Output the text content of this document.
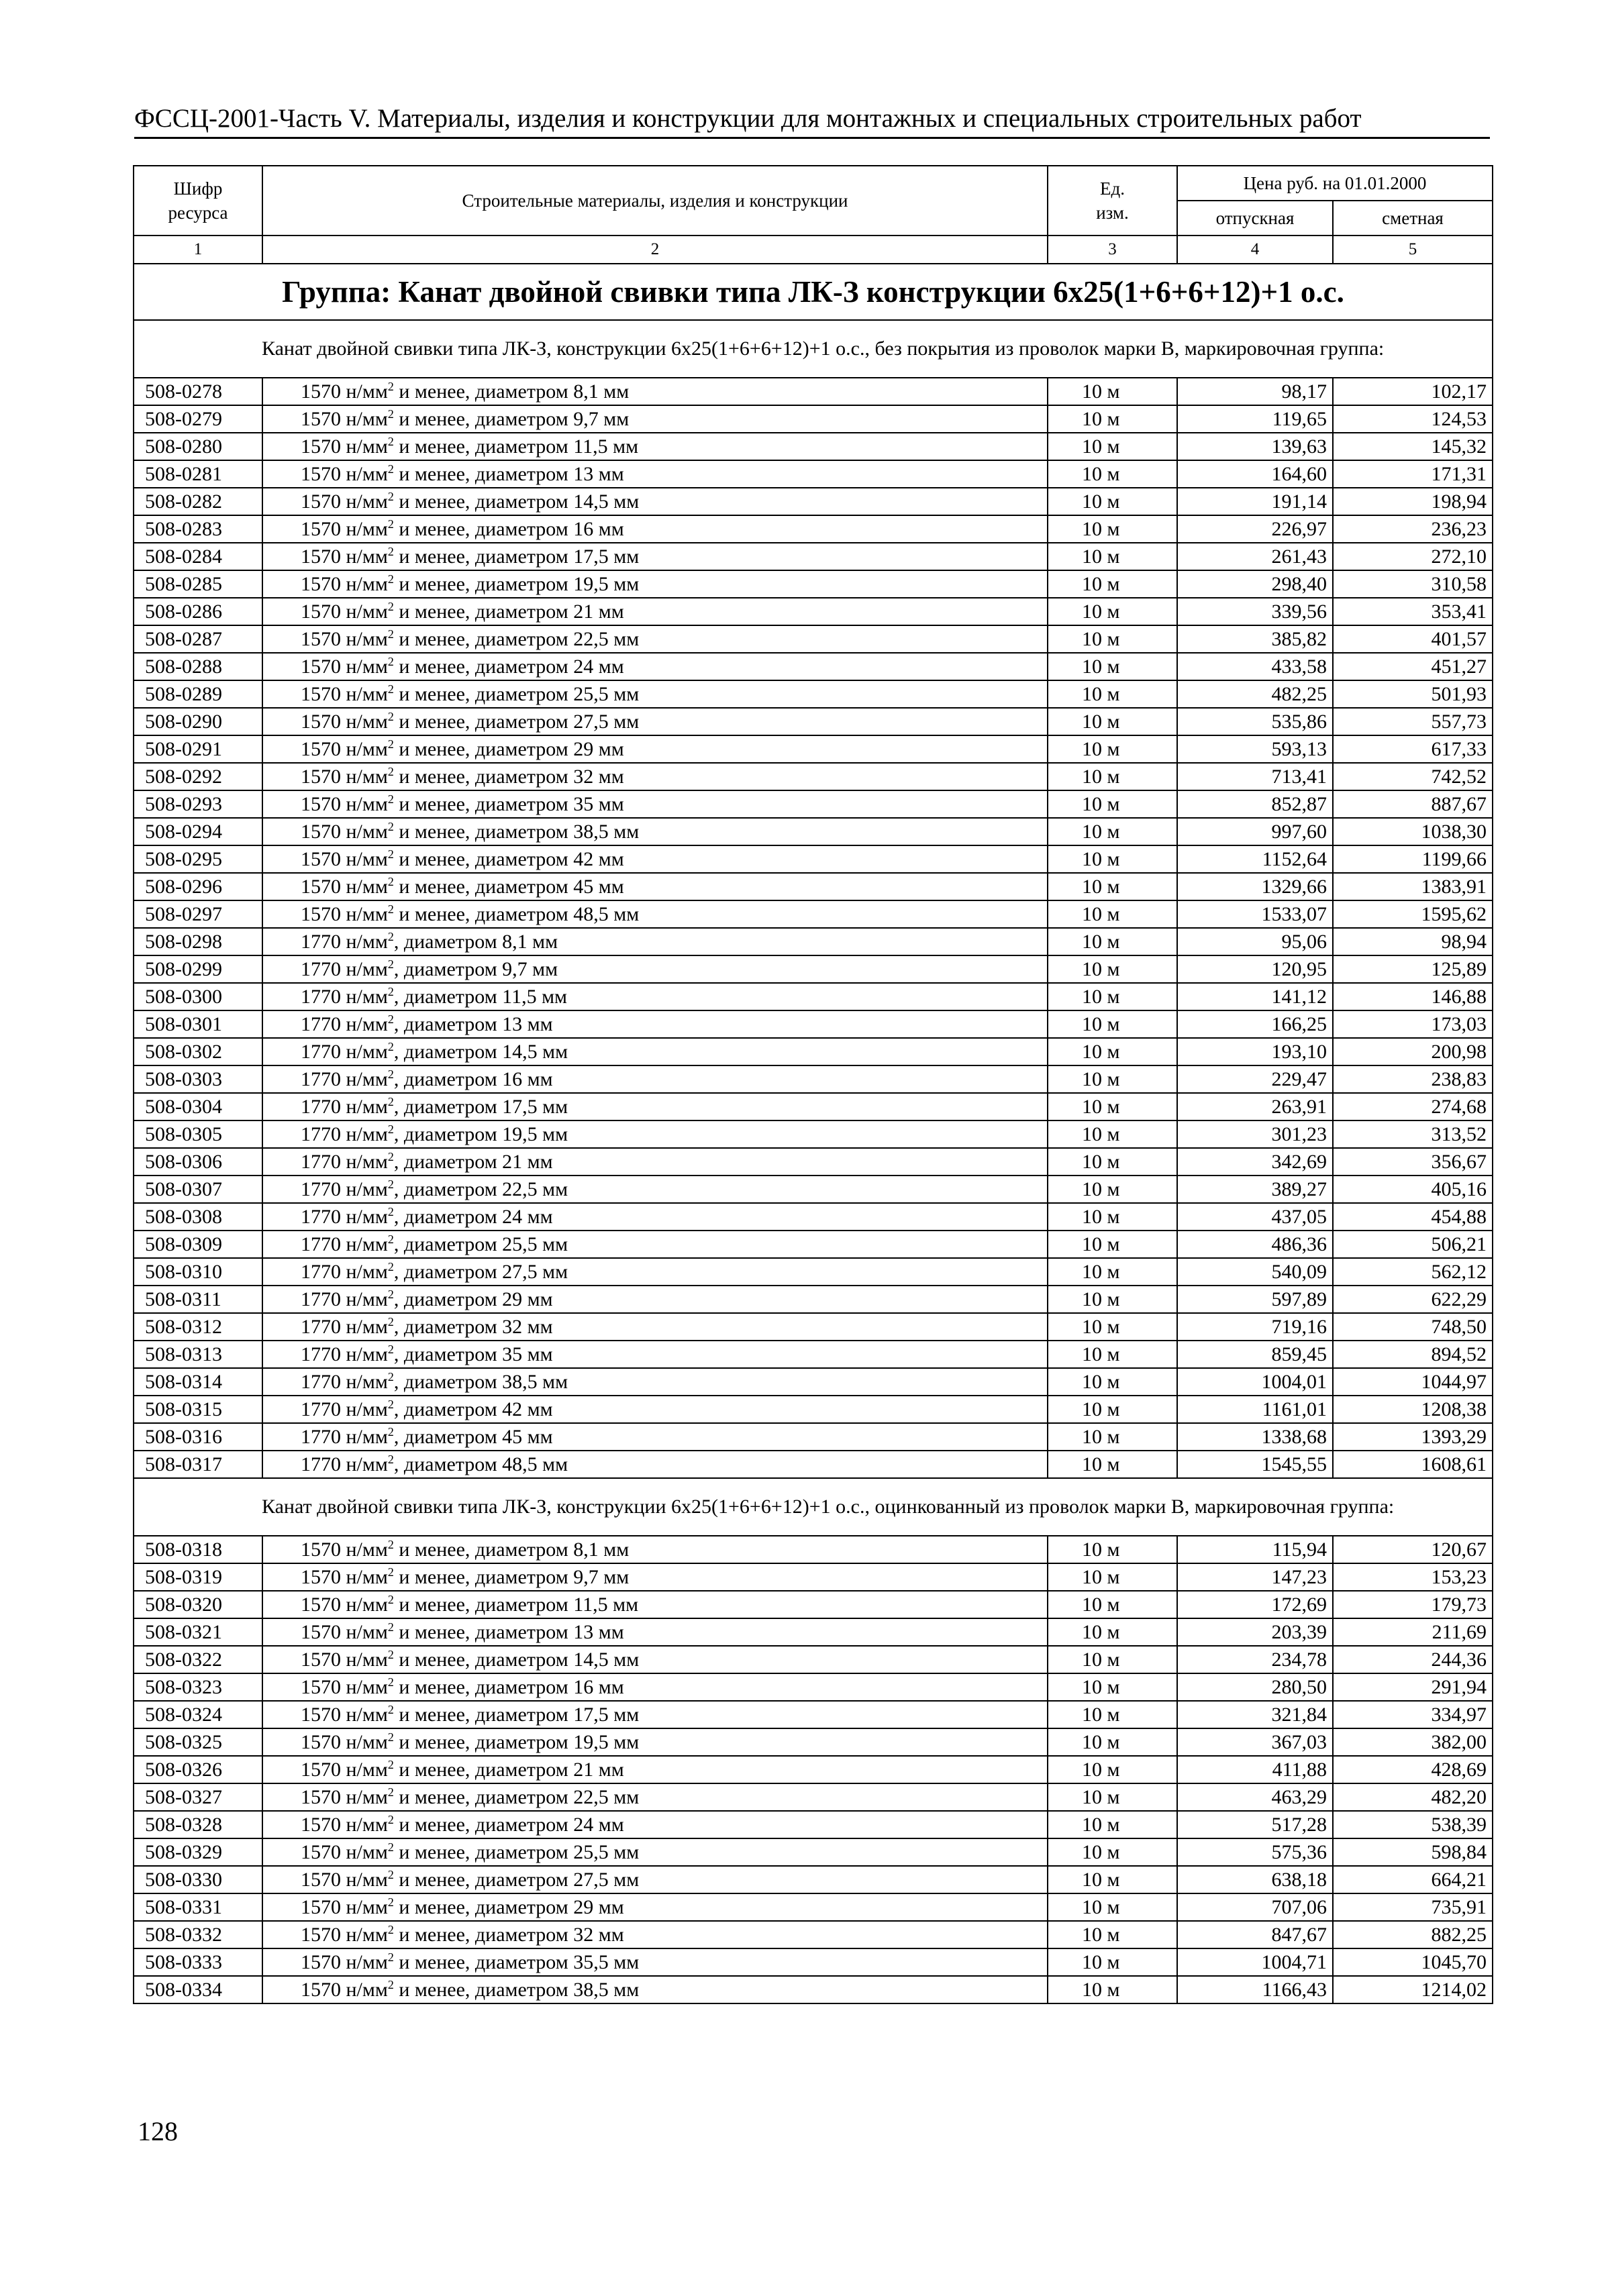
ФССЦ-2001-Часть V. Материалы, изделия и конструкции для монтажных и специальных строительных работ
Шифр ресурса	Строительные материалы, изделия и конструкции	Ед. изм.	Цена руб. на 01.01.2000	
			отпускная	сметная
1	2	3	4	5
Группа: Канат двойной свивки типа ЛК-З конструкции 6х25(1+6+6+12)+1 о.с.				

Канат двойной свивки типа ЛК-З, конструкции 6х25(1+6+6+12)+1 о.с., без покрытия из проволок марки В, маркировочная группа:				

508-0278	1570 $н/мм^2$ и менее, диаметром 8,1 мм	10 м	98,17	102,17
508-0279	1570 $н/мм^2$ и менее, диаметром 9,7 мм	10 м	119,65	124,53
508-0280	1570 $н/мм^2$ и менее, диаметром 11,5 мм	10 м	139,63	145,32
508-0281	1570 $н/мм^2$ и менее, диаметром 13 мм	10 м	164,60	171,31
508-0282	1570 $н/мм^2$ и менее, диаметром 14,5 мм	10 м	191,14	198,94
508-0283	1570 $н/мм^2$ и менее, диаметром 16 мм	10 м	226,97	236,23
508-0284	1570 $н/мм^2$ и менее, диаметром 17,5 мм	10 м	261,43	272,10
508-0285	1570 $н/мм^2$ и менее, диаметром 19,5 мм	10 м	298,40	310,58
508-0286	1570 $н/мм^2$ и менее, диаметром 21 мм	10 м	339,56	353,41
508-0287	1570 $н/мм^2$ и менее, диаметром 22,5 мм	10 м	385,82	401,57
508-0288	1570 $н/мм^2$ и менее, диаметром 24 мм	10 м	433,58	451,27
508-0289	1570 $н/мм^2$ и менее, диаметром 25,5 мм	10 м	482,25	501,93
508-0290	1570 $н/мм^2$ и менее, диаметром 27,5 мм	10 м	535,86	557,73
508-0291	1570 $н/мм^2$ и менее, диаметром 29 мм	10 м	593,13	617,33
508-0292	1570 $н/мм^2$ и менее, диаметром 32 мм	10 м	713,41	742,52
508-0293	1570 $н/мм^2$ и менее, диаметром 35 мм	10 м	852,87	887,67
508-0294	1570 $н/мм^2$ и менее, диаметром 38,5 мм	10 м	997,60	1038,30
508-0295	1570 $н/мм^2$ и менее, диаметром 42 мм	10 м	1152,64	1199,66
508-0296	1570 $н/мм^2$ и менее, диаметром 45 мм	10 м	1329,66	1383,91
508-0297	1570 $н/мм^2$ и менее, диаметром 48,5 мм	10 м	1533,07	1595,62
508-0298	1770 $н/мм^2$, диаметром 8,1 мм	10 м	95,06	98,94
508-0299	1770 $н/мм^2$, диаметром 9,7 мм	10 м	120,95	125,89
508-0300	1770 $н/мм^2$, диаметром 11,5 мм	10 м	141,12	146,88
508-0301	1770 $н/мм^2$, диаметром 13 мм	10 м	166,25	173,03
508-0302	1770 $н/мм^2$, диаметром 14,5 мм	10 м	193,10	200,98
508-0303	1770 $н/мм^2$, диаметром 16 мм	10 м	229,47	238,83
508-0304	1770 $н/мм^2$, диаметром 17,5 мм	10 м	263,91	274,68
508-0305	1770 $н/мм^2$, диаметром 19,5 мм	10 м	301,23	313,52
508-0306	1770 $н/мм^2$, диаметром 21 мм	10 м	342,69	356,67
508-0307	1770 $н/мм^2$, диаметром 22,5 мм	10 м	389,27	405,16
508-0308	1770 $н/мм^2$, диаметром 24 мм	10 м	437,05	454,88
508-0309	1770 $н/мм^2$, диаметром 25,5 мм	10 м	486,36	506,21
508-0310	1770 $н/мм^2$, диаметром 27,5 мм	10 м	540,09	562,12
508-0311	1770 $н/мм^2$, диаметром 29 мм	10 м	597,89	622,29
508-0312	1770 $н/мм^2$, диаметром 32 мм	10 м	719,16	748,50
508-0313	1770 $н/мм^2$, диаметром 35 мм	10 м	859,45	894,52
508-0314	1770 $н/мм^2$, диаметром 38,5 мм	10 м	1004,01	1044,97
508-0315	1770 $н/мм^2$, диаметром 42 мм	10 м	1161,01	1208,38
508-0316	1770 $н/мм^2$, диаметром 45 мм	10 м	1338,68	1393,29
508-0317	1770 $н/мм^2$, диаметром 48,5 мм	10 м	1545,55	1608,61

Канат двойной свивки типа ЛК-З, конструкции 6х25(1+6+6+12)+1 о.с., оцинкованный из проволок марки В, маркировочная группа:				

508-0318	1570 $н/мм^2$ и менее, диаметром 8,1 мм	10 м	115,94	120,67
508-0319	1570 $н/мм^2$ и менее, диаметром 9,7 мм	10 м	147,23	153,23
508-0320	1570 $н/мм^2$ и менее, диаметром 11,5 мм	10 м	172,69	179,73
508-0321	1570 $н/мм^2$ и менее, диаметром 13 мм	10 м	203,39	211,69
508-0322	1570 $н/мм^2$ и менее, диаметром 14,5 мм	10 м	234,78	244,36
508-0323	1570 $н/мм^2$ и менее, диаметром 16 мм	10 м	280,50	291,94
508-0324	1570 $н/мм^2$ и менее, диаметром 17,5 мм	10 м	321,84	334,97
508-0325	1570 $н/мм^2$ и менее, диаметром 19,5 мм	10 м	367,03	382,00
508-0326	1570 $н/мм^2$ и менее, диаметром 21 мм	10 м	411,88	428,69
508-0327	1570 $н/мм^2$ и менее, диаметром 22,5 мм	10 м	463,29	482,20
508-0328	1570 $н/мм^2$ и менее, диаметром 24 мм	10 м	517,28	538,39
508-0329	1570 $н/мм^2$ и менее, диаметром 25,5 мм	10 м	575,36	598,84
508-0330	1570 $н/мм^2$ и менее, диаметром 27,5 мм	10 м	638,18	664,21
508-0331	1570 $н/мм^2$ и менее, диаметром 29 мм	10 м	707,06	735,91
508-0332	1570 $н/мм^2$ и менее, диаметром 32 мм	10 м	847,67	882,25
508-0333	1570 $н/мм^2$ и менее, диаметром 35,5 мм	10 м	1004,71	1045,70
508-0334	1570 $н/мм^2$ и менее, диаметром 38,5 мм	10 м	1166,43	1214,02
128
